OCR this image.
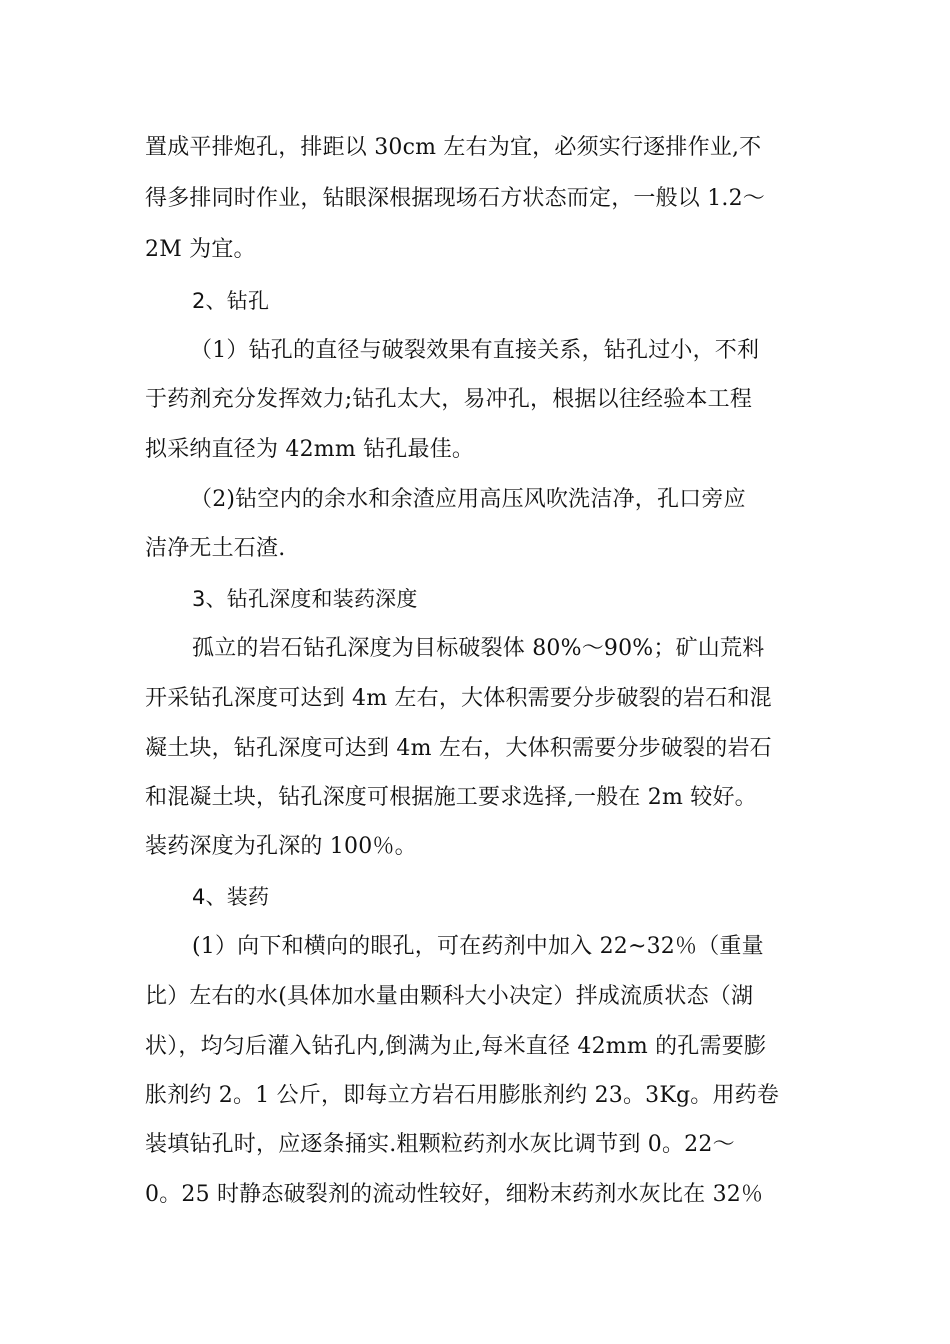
置成平排炮孔，排距以 30cm 左右为宜，必须实行逐排作业,不
得多排同时作业，钻眼深根据现场石方状态而定，一般以 1.2～
2M 为宜。
2、钻孔
（1）钻孔的直径与破裂效果有直接关系，钻孔过小，不利
于药剂充分发挥效力;钻孔太大，易冲孔，根据以往经验本工程
拟采纳直径为 42mm 钻孔最佳。
（2)钻空内的余水和余渣应用高压风吹洗洁净，孔口旁应
洁净无土石渣.
3、钻孔深度和装药深度
孤立的岩石钻孔深度为目标破裂体 80%～90%；矿山荒料
开采钻孔深度可达到 4m 左右，大体积需要分步破裂的岩石和混
凝土块，钻孔深度可达到 4m 左右，大体积需要分步破裂的岩石
和混凝土块，钻孔深度可根据施工要求选择,一般在 2m 较好。
装药深度为孔深的 100％。
4、装药
(1）向下和横向的眼孔，可在药剂中加入 22~32％（重量
比）左右的水(具体加水量由颗科大小决定）拌成流质状态（湖
状），均匀后灌入钻孔内,倒满为止,每米直径 42mm 的孔需要膨
胀剂约 2。1 公斤，即每立方岩石用膨胀剂约 23。3Kg。用药卷
装填钻孔时，应逐条捅实.粗颗粒药剂水灰比调节到 0。22～
0。25 时静态破裂剂的流动性较好，细粉末药剂水灰比在 32％
